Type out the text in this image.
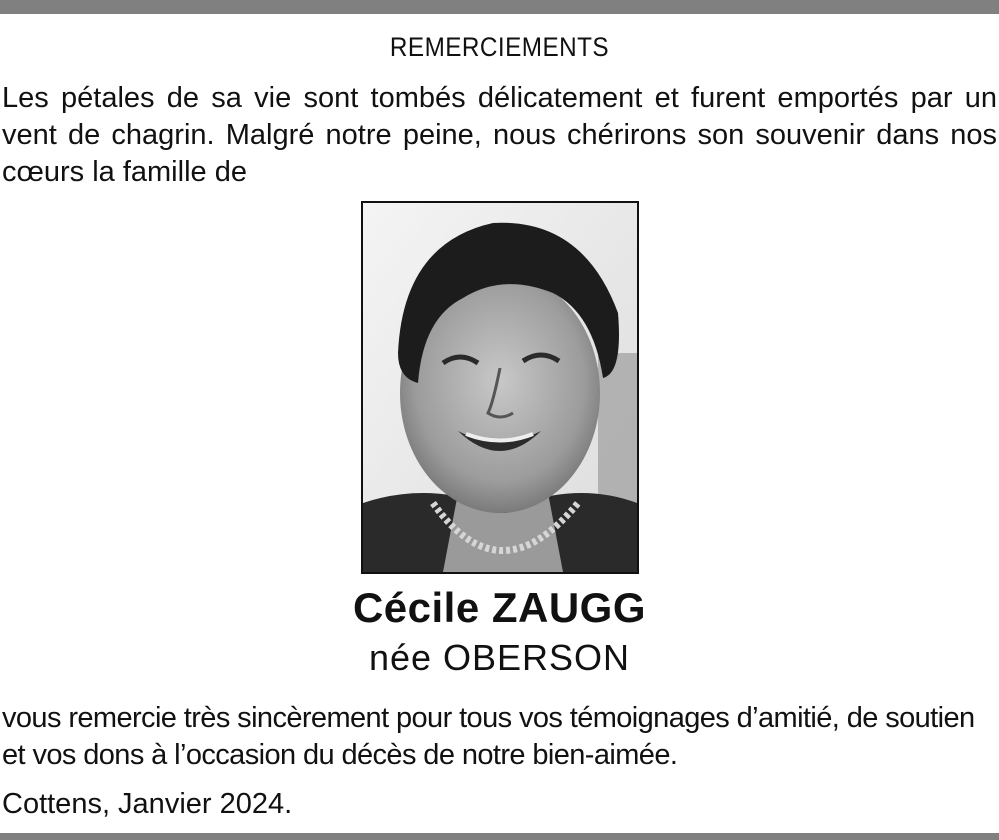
REMERCIEMENTS

Les pétales de sa vie sont tombés délicatement et furent emportés par un vent de chagrin. Malgré notre peine, nous chérirons son souvenir dans nos cœurs la famille de

Cécile ZAUGG
née OBERSON

vous remercie très sincèrement pour tous vos témoignages d’amitié, de soutien et vos dons à l’occasion du décès de notre bien-aimée.

Cottens, Janvier 2024.
